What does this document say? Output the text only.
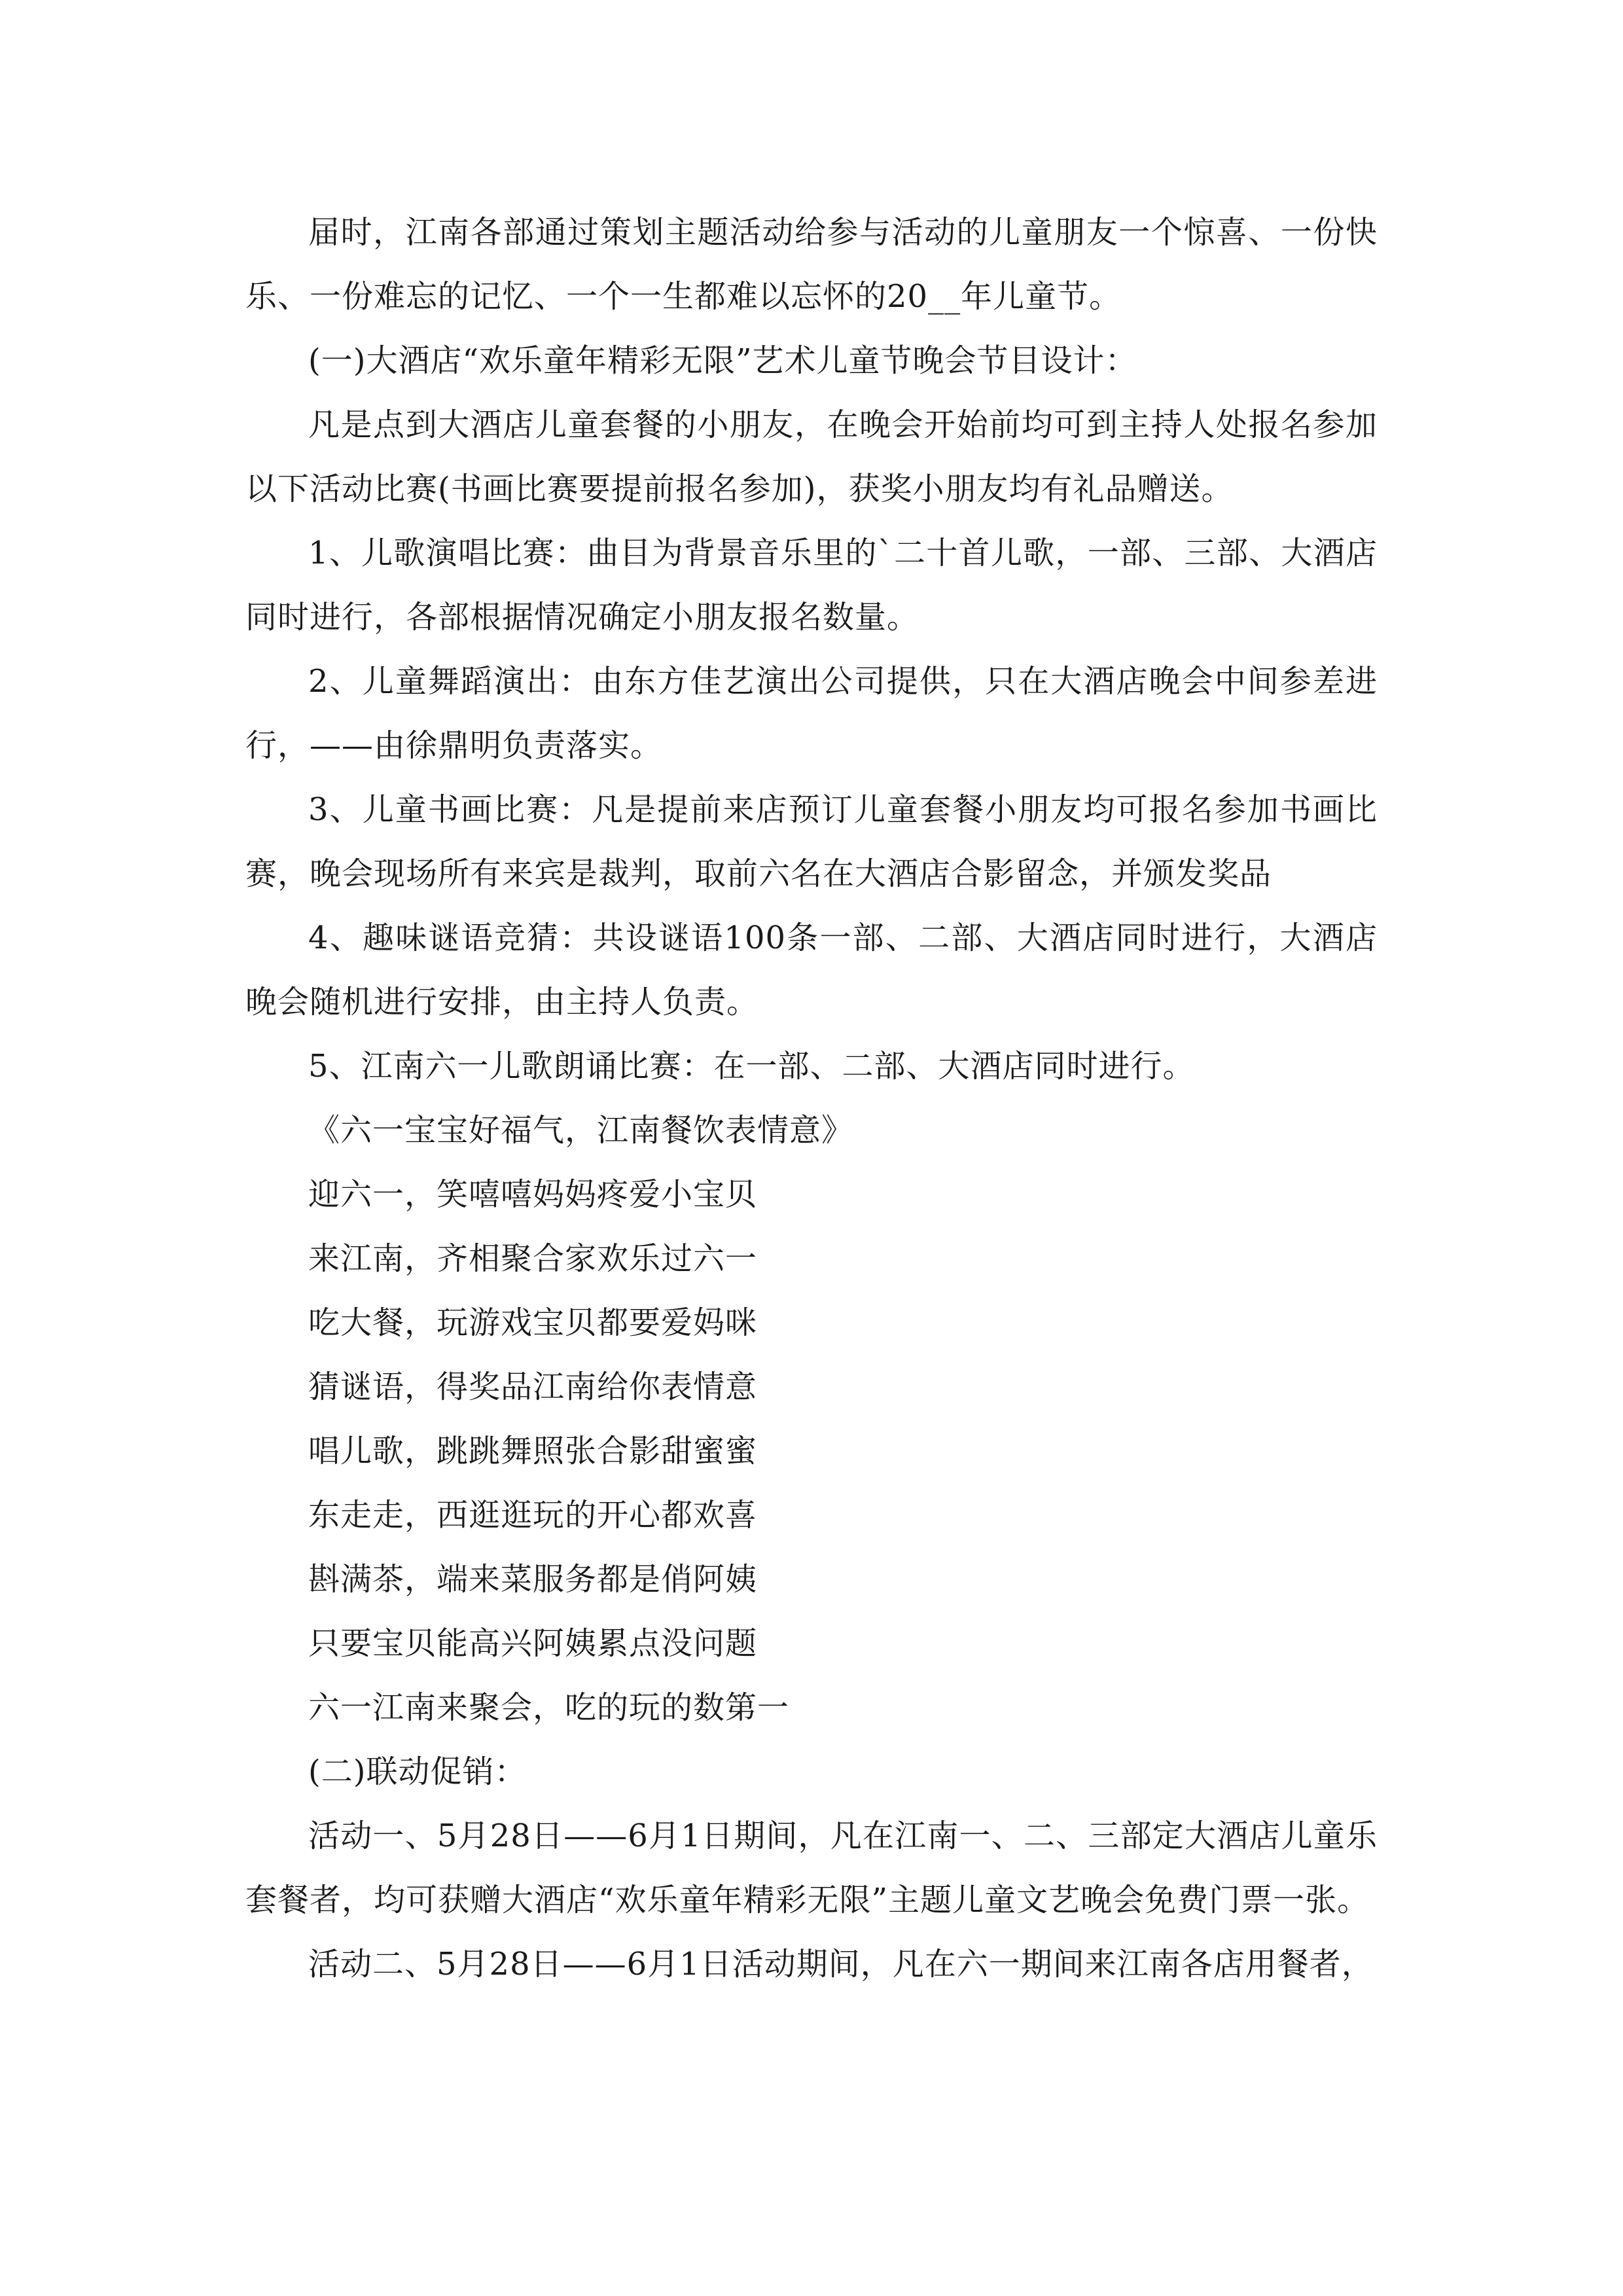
届时，江南各部通过策划主题活动给参与活动的儿童朋友一个惊喜、一份快乐、一份难忘的记忆、一个一生都难以忘怀的20__年儿童节。

(一)大酒店“欢乐童年精彩无限”艺术儿童节晚会节目设计：

凡是点到大酒店儿童套餐的小朋友，在晚会开始前均可到主持人处报名参加以下活动比赛(书画比赛要提前报名参加)，获奖小朋友均有礼品赠送。

1、儿歌演唱比赛：曲目为背景音乐里的`二十首儿歌，一部、三部、大酒店同时进行，各部根据情况确定小朋友报名数量。

2、儿童舞蹈演出：由东方佳艺演出公司提供，只在大酒店晚会中间参差进行，——由徐鼎明负责落实。

3、儿童书画比赛：凡是提前来店预订儿童套餐小朋友均可报名参加书画比赛，晚会现场所有来宾是裁判，取前六名在大酒店合影留念，并颁发奖品

4、趣味谜语竞猜：共设谜语100条一部、二部、大酒店同时进行，大酒店晚会随机进行安排，由主持人负责。

5、江南六一儿歌朗诵比赛：在一部、二部、大酒店同时进行。

《六一宝宝好福气，江南餐饮表情意》

迎六一，笑嘻嘻妈妈疼爱小宝贝

来江南，齐相聚合家欢乐过六一

吃大餐，玩游戏宝贝都要爱妈咪

猜谜语，得奖品江南给你表情意

唱儿歌，跳跳舞照张合影甜蜜蜜

东走走，西逛逛玩的开心都欢喜

斟满茶，端来菜服务都是俏阿姨

只要宝贝能高兴阿姨累点没问题

六一江南来聚会，吃的玩的数第一

(二)联动促销：

活动一、5月28日——6月1日期间，凡在江南一、二、三部定大酒店儿童乐套餐者，均可获赠大酒店“欢乐童年精彩无限”主题儿童文艺晚会免费门票一张。

活动二、5月28日——6月1日活动期间，凡在六一期间来江南各店用餐者，
